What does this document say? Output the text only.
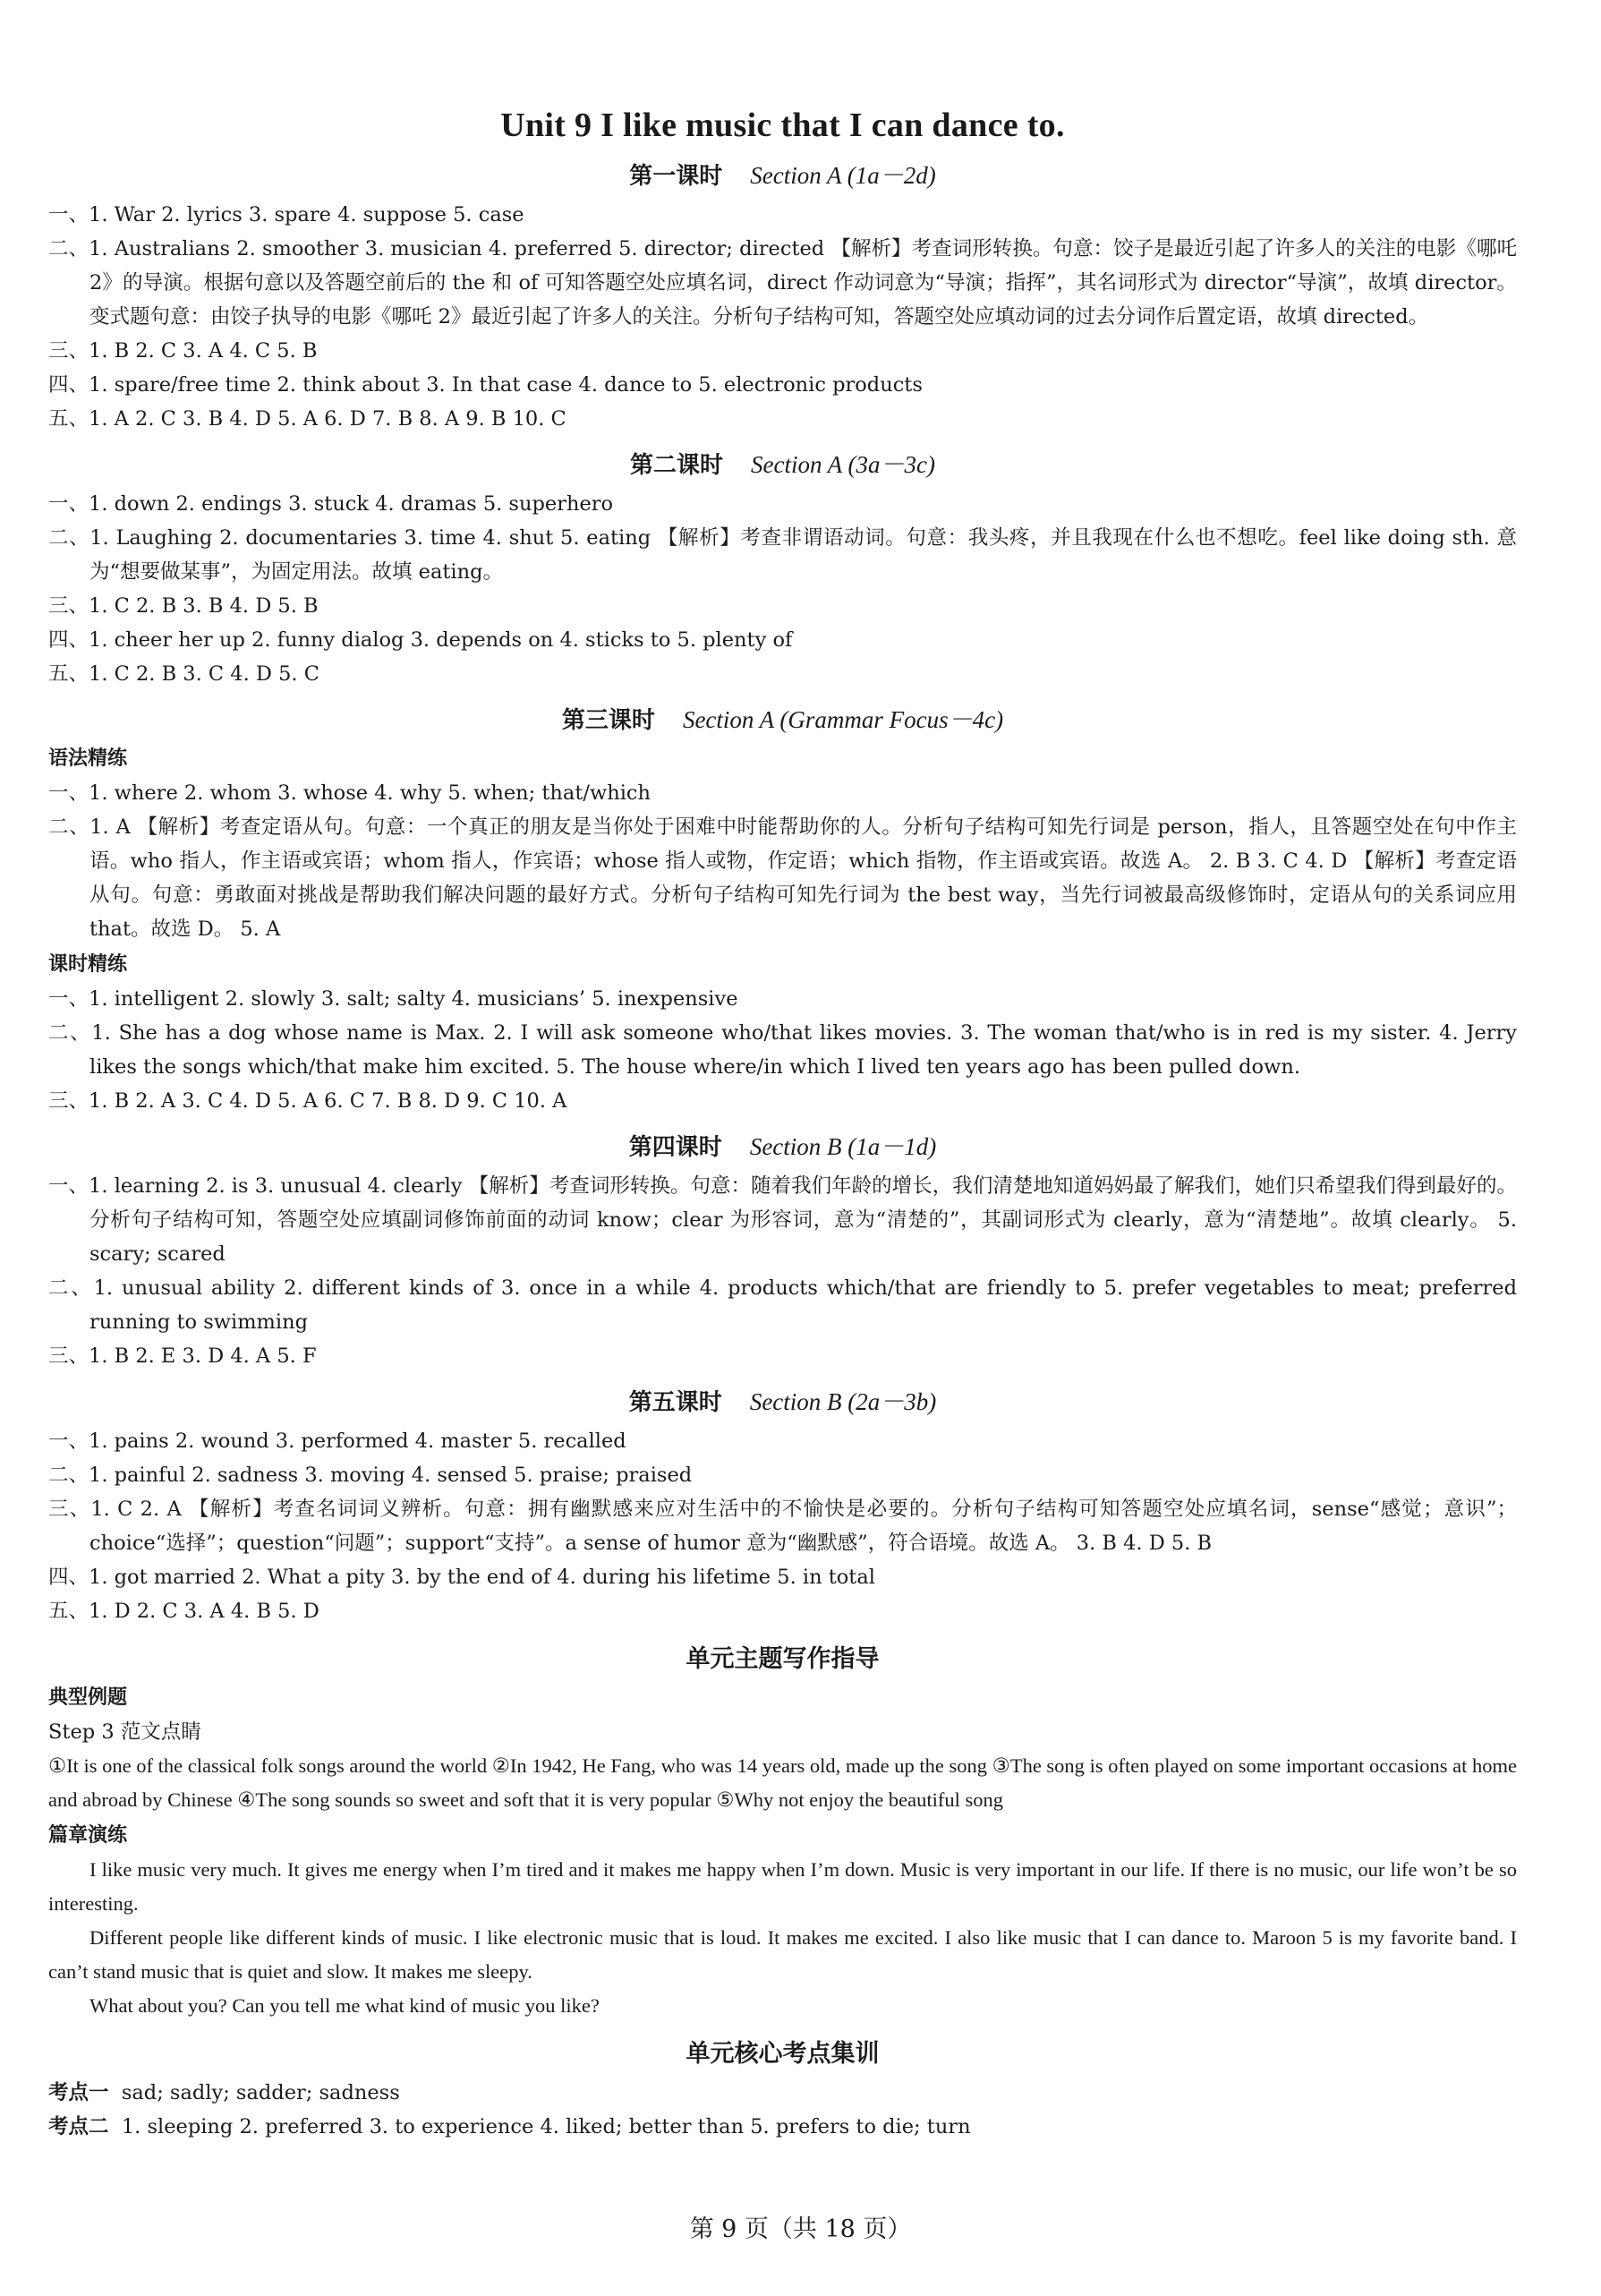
Unit 9 I like music that I can dance to.
第一课时 Section A (1a－2d)

一、1. War 2. lyrics 3. spare 4. suppose 5. case

二、1. Australians 2. smoother 3. musician 4. preferred 5. director; directed 【解析】考查词形转换。句意：饺子是最近引起了许多人的关注的电影《哪吒 2》的导演。根据句意以及答题空前后的 the 和 of 可知答题空处应填名词，direct 作动词意为“导演；指挥”，其名词形式为 director“导演”，故填 director。变式题句意：由饺子执导的电影《哪吒 2》最近引起了许多人的关注。分析句子结构可知，答题空处应填动词的过去分词作后置定语，故填 directed。

三、1. B 2. C 3. A 4. C 5. B

四、1. spare/free time 2. think about 3. In that case 4. dance to 5. electronic products

五、1. A 2. C 3. B 4. D 5. A 6. D 7. B 8. A 9. B 10. C

第二课时 Section A (3a－3c)

一、1. down 2. endings 3. stuck 4. dramas 5. superhero

二、1. Laughing 2. documentaries 3. time 4. shut 5. eating 【解析】考查非谓语动词。句意：我头疼，并且我现在什么也不想吃。feel like doing sth. 意为“想要做某事”，为固定用法。故填 eating。

三、1. C 2. B 3. B 4. D 5. B

四、1. cheer her up 2. funny dialog 3. depends on 4. sticks to 5. plenty of

五、1. C 2. B 3. C 4. D 5. C

第三课时 Section A (Grammar Focus－4c)
语法精练

一、1. where 2. whom 3. whose 4. why 5. when; that/which

二、1. A 【解析】考查定语从句。句意：一个真正的朋友是当你处于困难中时能帮助你的人。分析句子结构可知先行词是 person，指人，且答题空处在句中作主语。who 指人，作主语或宾语；whom 指人，作宾语；whose 指人或物，作定语；which 指物，作主语或宾语。故选 A。 2. B 3. C 4. D 【解析】考查定语从句。句意：勇敢面对挑战是帮助我们解决问题的最好方式。分析句子结构可知先行词为 the best way，当先行词被最高级修饰时，定语从句的关系词应用 that。故选 D。 5. A

课时精练

一、1. intelligent 2. slowly 3. salt; salty 4. musicians’ 5. inexpensive

二、1. She has a dog whose name is Max. 2. I will ask someone who/that likes movies. 3. The woman that/who is in red is my sister. 4. Jerry likes the songs which/that make him excited. 5. The house where/in which I lived ten years ago has been pulled down.

三、1. B 2. A 3. C 4. D 5. A 6. C 7. B 8. D 9. C 10. A

第四课时 Section B (1a－1d)

一、1. learning 2. is 3. unusual 4. clearly 【解析】考查词形转换。句意：随着我们年龄的增长，我们清楚地知道妈妈最了解我们，她们只希望我们得到最好的。分析句子结构可知，答题空处应填副词修饰前面的动词 know；clear 为形容词，意为“清楚的”，其副词形式为 clearly，意为“清楚地”。故填 clearly。 5. scary; scared

二、1. unusual ability 2. different kinds of 3. once in a while 4. products which/that are friendly to 5. prefer vegetables to meat; preferred running to swimming

三、1. B 2. E 3. D 4. A 5. F

第五课时 Section B (2a－3b)

一、1. pains 2. wound 3. performed 4. master 5. recalled

二、1. painful 2. sadness 3. moving 4. sensed 5. praise; praised

三、1. C 2. A 【解析】考查名词词义辨析。句意：拥有幽默感来应对生活中的不愉快是必要的。分析句子结构可知答题空处应填名词，sense“感觉；意识”；choice“选择”；question“问题”；support“支持”。a sense of humor 意为“幽默感”，符合语境。故选 A。 3. B 4. D 5. B

四、1. got married 2. What a pity 3. by the end of 4. during his lifetime 5. in total

五、1. D 2. C 3. A 4. B 5. D

单元主题写作指导
典型例题
Step 3 范文点睛

①It is one of the classical folk songs around the world ②In 1942, He Fang, who was 14 years old, made up the song ③The song is often played on some important occasions at home and abroad by Chinese ④The song sounds so sweet and soft that it is very popular ⑤Why not enjoy the beautiful song

篇章演练

I like music very much. It gives me energy when I’m tired and it makes me happy when I’m down. Music is very important in our life. If there is no music, our life won’t be so interesting.

Different people like different kinds of music. I like electronic music that is loud. It makes me excited. I also like music that I can dance to. Maroon 5 is my favorite band. I can’t stand music that is quiet and slow. It makes me sleepy.

What about you? Can you tell me what kind of music you like?

单元核心考点集训

考点一 sad; sadly; sadder; sadness

考点二 1. sleeping 2. preferred 3. to experience 4. liked; better than 5. prefers to die; turn

第 9 页（共 18 页）
